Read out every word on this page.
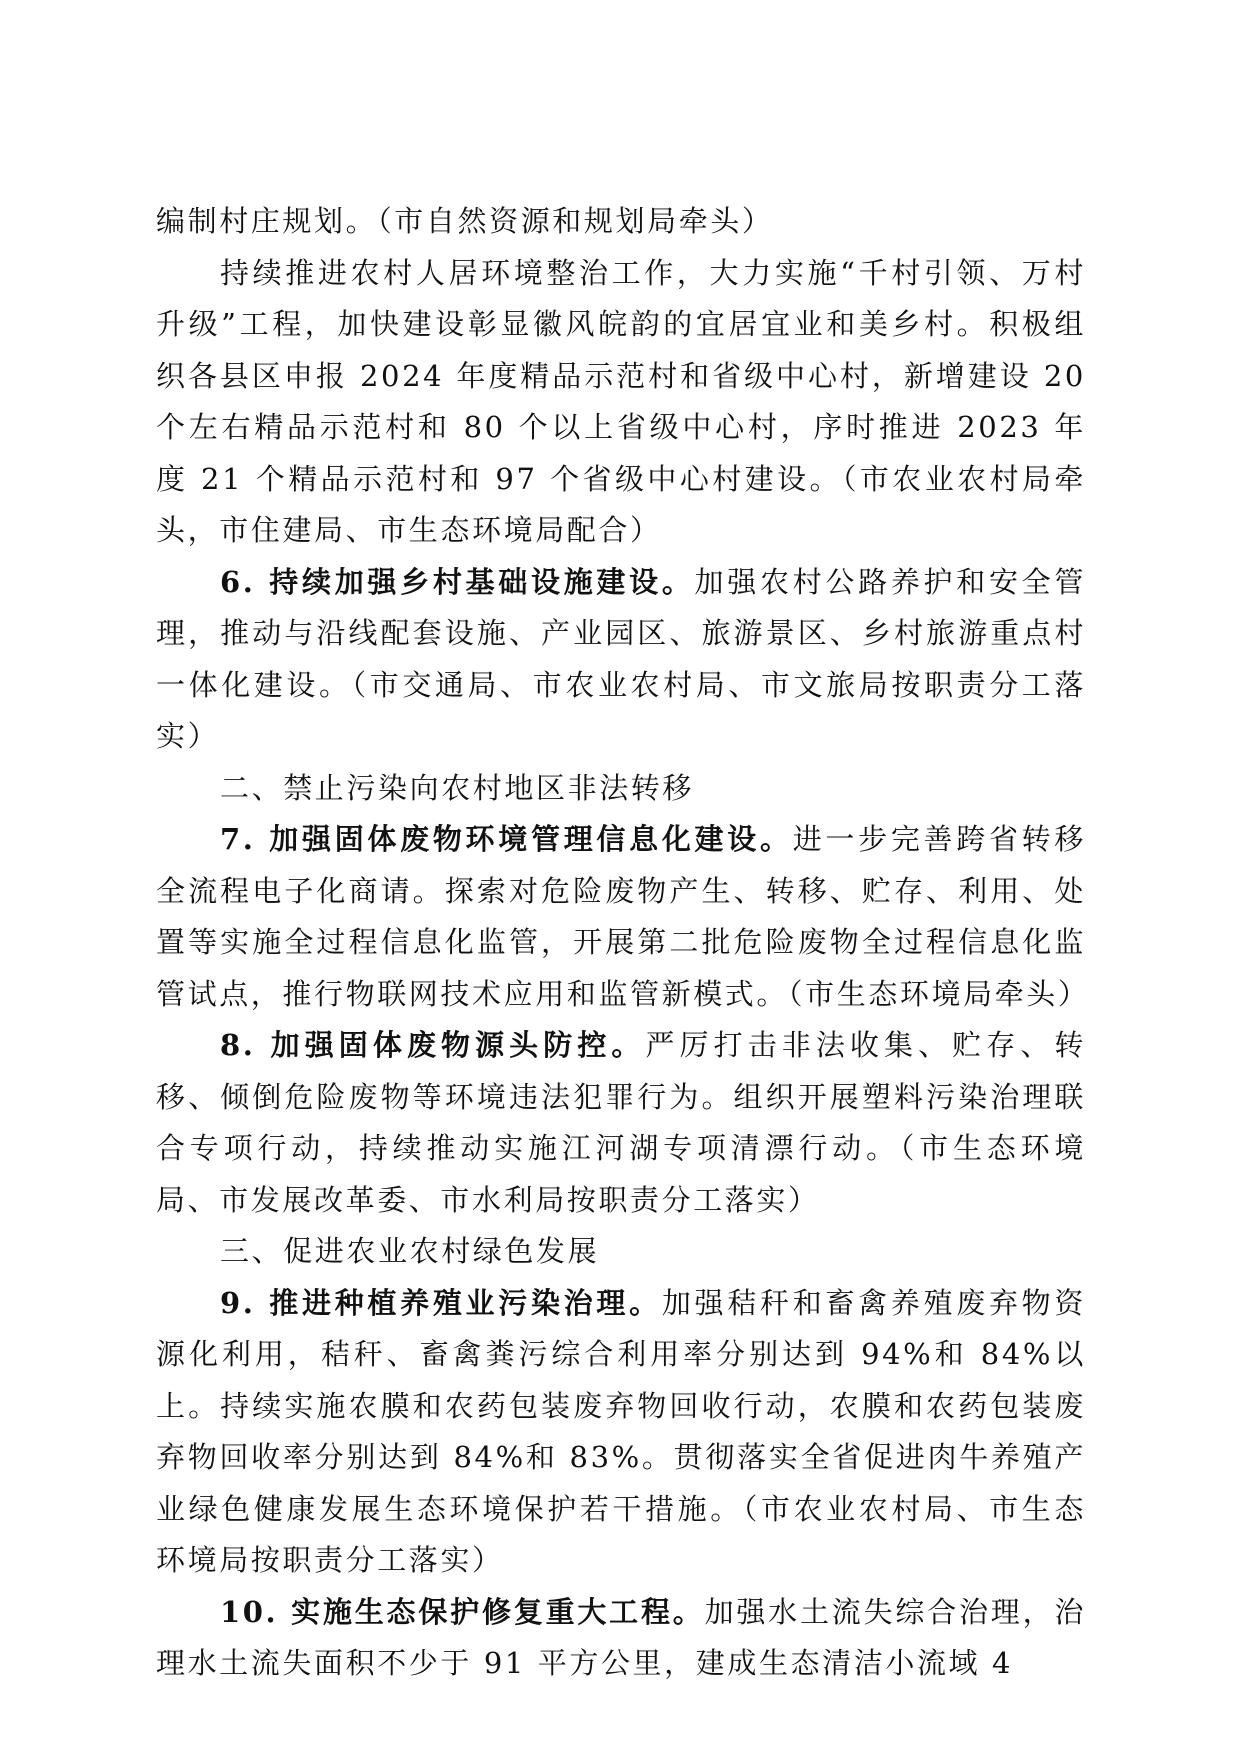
编制村庄规划。（市自然资源和规划局牵头）

持续推进农村人居环境整治工作，大力实施“千村引领、万村升级”工程，加快建设彰显徽风皖韵的宜居宜业和美乡村。积极组织各县区申报 2024 年度精品示范村和省级中心村，新增建设 20 个左右精品示范村和 80 个以上省级中心村，序时推进 2023 年度 21 个精品示范村和 97 个省级中心村建设。（市农业农村局牵头，市住建局、市生态环境局配合）

6. 持续加强乡村基础设施建设。加强农村公路养护和安全管理，推动与沿线配套设施、产业园区、旅游景区、乡村旅游重点村一体化建设。（市交通局、市农业农村局、市文旅局按职责分工落实）

二、禁止污染向农村地区非法转移

7. 加强固体废物环境管理信息化建设。进一步完善跨省转移全流程电子化商请。探索对危险废物产生、转移、贮存、利用、处置等实施全过程信息化监管，开展第二批危险废物全过程信息化监管试点，推行物联网技术应用和监管新模式。（市生态环境局牵头）

8. 加强固体废物源头防控。严厉打击非法收集、贮存、转移、倾倒危险废物等环境违法犯罪行为。组织开展塑料污染治理联合专项行动，持续推动实施江河湖专项清漂行动。（市生态环境局、市发展改革委、市水利局按职责分工落实）

三、促进农业农村绿色发展

9. 推进种植养殖业污染治理。加强秸秆和畜禽养殖废弃物资源化利用，秸秆、畜禽粪污综合利用率分别达到 94%和 84%以上。持续实施农膜和农药包装废弃物回收行动，农膜和农药包装废弃物回收率分别达到 84%和 83%。贯彻落实全省促进肉牛养殖产业绿色健康发展生态环境保护若干措施。（市农业农村局、市生态环境局按职责分工落实）

10. 实施生态保护修复重大工程。加强水土流失综合治理，治理水土流失面积不少于 91 平方公里，建成生态清洁小流域 4
